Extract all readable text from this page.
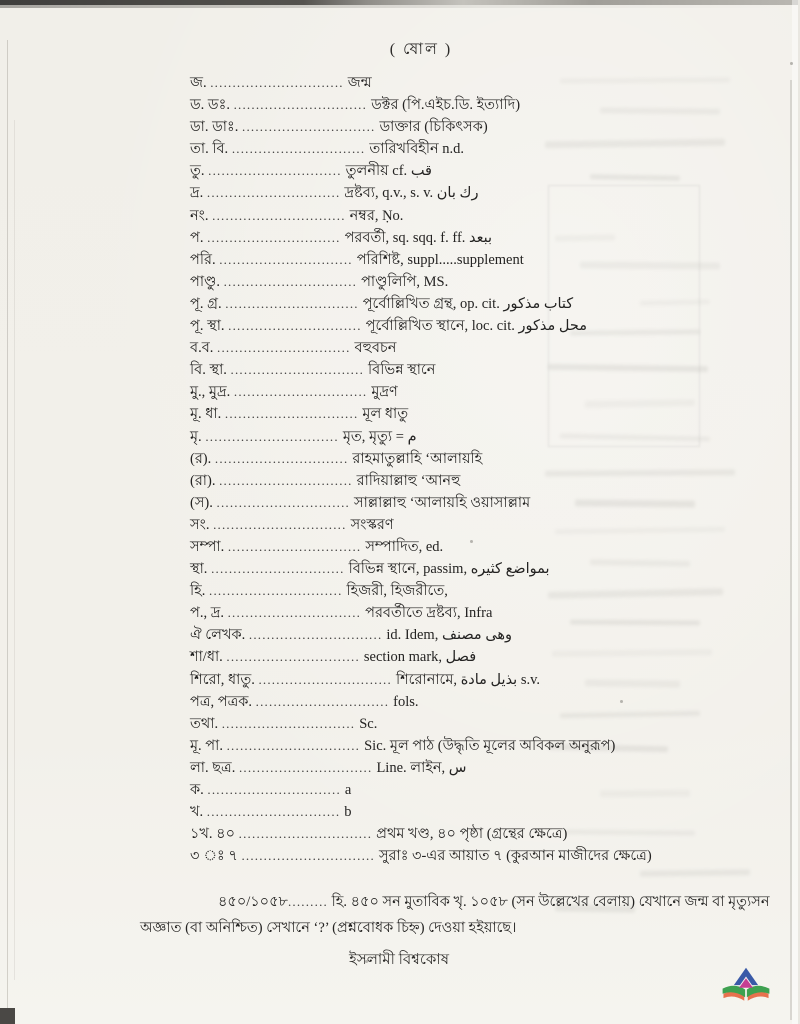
( ষোল )
জ. .............................. জন্ম
ড. ডঃ. .............................. ডক্টর (পি.এইচ.ডি. ইত্যাদি)
ডা. ডাঃ. .............................. ডাক্তার (চিকিৎসক)
তা. বি. .............................. তারিখবিহীন n.d.
তু. .............................. তুলনীয় cf. قب
দ্র. .............................. দ্রষ্টব্য, q.v., s. v. رك بان
নং. .............................. নম্বর, Ṇo.
প. .............................. পরবর্তী, sq. sqq. f. ff. ببعد
পরি. .............................. পরিশিষ্ট, suppl.....supplement
পাণ্ডু. .............................. পাণ্ডুলিপি, MS.
পূ. গ্র. .............................. পূর্বোল্লিখিত গ্রন্থ, op. cit. كتاب مذكور
পূ. স্থা. .............................. পূর্বোল্লিখিত স্থানে, loc. cit. محل مذكور
ব.ব. .............................. বহুবচন
বি. স্থা. .............................. বিভিন্ন স্থানে
মু., মুদ্র. .............................. মুদ্রণ
মূ. ধা. .............................. মূল ধাতু
মৃ. .............................. মৃত, মৃত্যু = م
(র). .............................. রাহমাতুল্লাহি ‘আলায়হি
(রা). .............................. রাদিয়াল্লাহু ‘আনহু
(স). .............................. সাল্লাল্লাহু ‘আলায়হি ওয়াসাল্লাম
সং. .............................. সংস্করণ
সম্পা. .............................. সম্পাদিত, ed.
স্থা. .............................. বিভিন্ন স্থানে, passim, بمواضع كثيره
হি. .............................. হিজরী, হিজরীতে,
প., দ্র. .............................. পরবর্তীতে দ্রষ্টব্য, Infra
ঐ লেখক. .............................. id. Idem, وهى مصنف
শা/ধা. .............................. section mark, فصل
শিরো, ধাতু. .............................. শিরোনামে, بذيل مادة s.v.
পত্র, পত্রক. .............................. fols.
তথা. .............................. Sc.
মূ. পা. .............................. Sic. মূল পাঠ (উদ্ধৃতি মূলের অবিকল অনুরূপ)
লা. ছত্র. .............................. Line. লাইন, س
ক. .............................. a
খ. .............................. b
১খ. ৪০ .............................. প্রথম খণ্ড, ৪০ পৃষ্ঠা (গ্রন্থের ক্ষেত্রে)
৩ ঃ ৭ .............................. সুরাঃ ৩-এর আয়াত ৭ (কুরআন মাজীদের ক্ষেত্রে)

৪৫০/১০৫৮......... হি. ৪৫০ সন মুতাবিক খৃ. ১০৫৮ (সন উল্লেখের বেলায়) যেখানে জন্ম বা মৃত্যুসন অজ্ঞাত (বা অনিশ্চিত) সেখানে ‘?’ (প্রশ্নবোধক চিহ্ন) দেওয়া হইয়াছে।

ইসলামী বিশ্বকোষ
